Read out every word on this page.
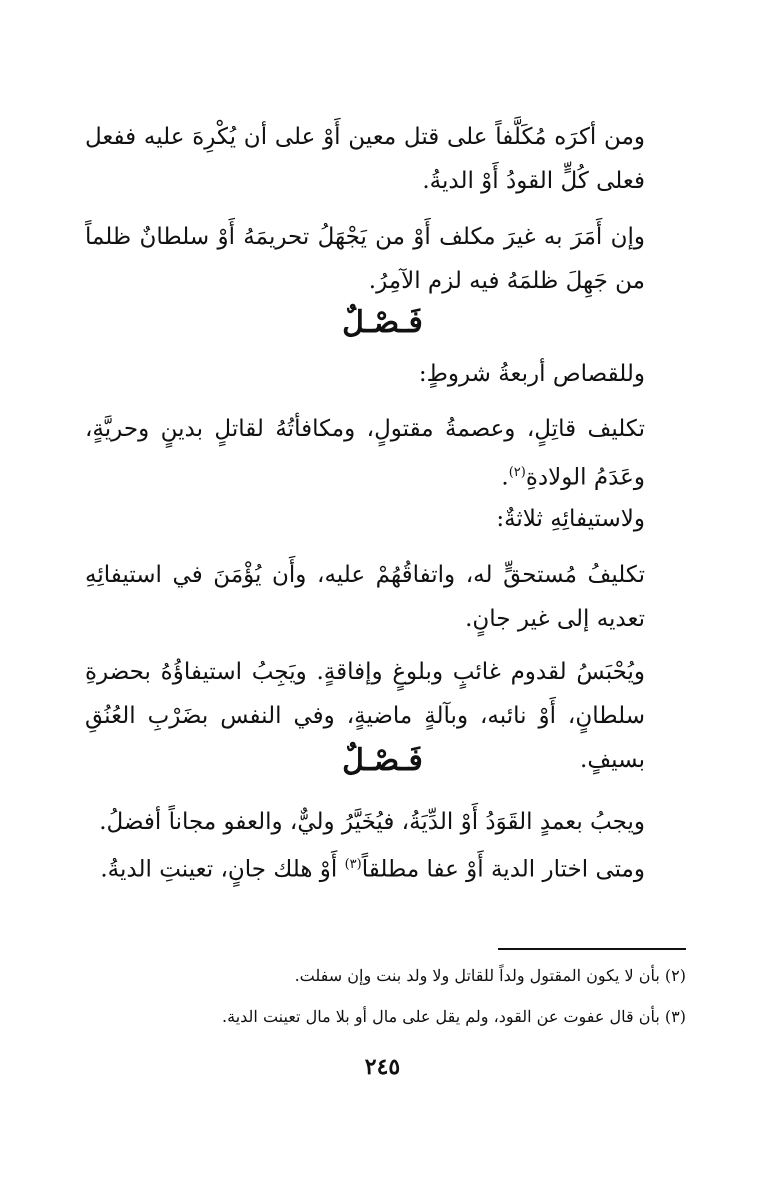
ومن أكرَه مُكَلَّفاً على قتل معين أَوْ على أن يُكْرِهَ عليه ففعل فعلى كُلٍّ القودُ أَوْ الديةُ.

وإن أَمَرَ به غيرَ مكلف أَوْ من يَجْهَلُ تحريمَهُ أَوْ سلطانٌ ظلماً من جَهِلَ ظلمَهُ فيه لزم الآمِرُ.

فَـصْـلٌ

وللقصاص أربعةُ شروطٍ:

تكليف قاتِلٍ، وعصمةُ مقتولٍ، ومكافأتُهُ لقاتلٍ بدينٍ وحريَّةٍ، وعَدَمُ الولادةِ$^{(٢)}$.

ولاستيفائِهِ ثلاثةٌ:

تكليفُ مُستحقٍّ له، واتفاقُهُمْ عليه، وأَن يُؤْمَنَ في استيفائِهِ تعديه إلى غير جانٍ.

ويُحْبَسُ لقدوم غائبٍ وبلوغٍ وإفاقةٍ. ويَجِبُ استيفاؤُهُ بحضرةِ سلطانٍ، أَوْ نائبه، وبآلةٍ ماضيةٍ، وفي النفس بضَرْبِ العُنُقِ بسيفٍ.

فَـصْـلٌ

ويجبُ بعمدٍ القَوَدُ أَوْ الدِّيَةُ، فيُخَيَّرُ وليٌّ، والعفو مجاناً أفضلُ.

ومتى اختار الدية أَوْ عفا مطلقاً$^{(٣)}$ أَوْ هلك جانٍ، تعينتِ الديةُ.

(٢) بأن لا يكون المقتول ولداً للقاتل ولا ولد بنت وإن سفلت.

(٣) بأن قال عفوت عن القود، ولم يقل على مال أو بلا مال تعينت الدية.

٢٤٥
